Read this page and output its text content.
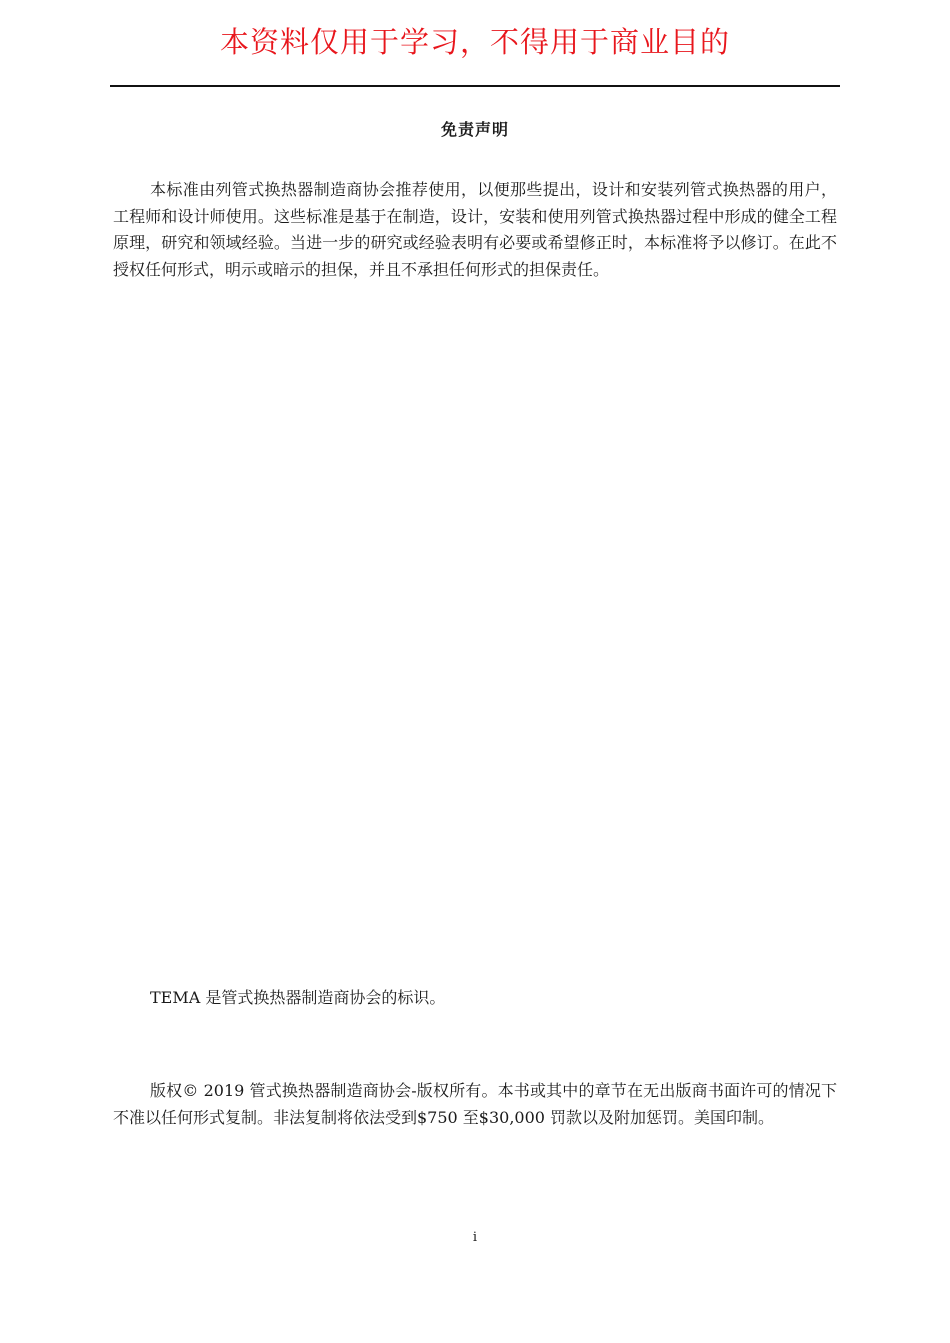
本资料仅用于学习，不得用于商业目的
免责声明

本标准由列管式换热器制造商协会推荐使用，以便那些提出，设计和安装列管式换热器的用户，工程师和设计师使用。这些标准是基于在制造，设计，安装和使用列管式换热器过程中形成的健全工程原理，研究和领域经验。当进一步的研究或经验表明有必要或希望修正时，本标准将予以修订。在此不授权任何形式，明示或暗示的担保，并且不承担任何形式的担保责任。

TEMA 是管式换热器制造商协会的标识。

版权© 2019 管式换热器制造商协会-版权所有。本书或其中的章节在无出版商书面许可的情况下不准以任何形式复制。非法复制将依法受到$750 至$30,000 罚款以及附加惩罚。美国印制。

i
